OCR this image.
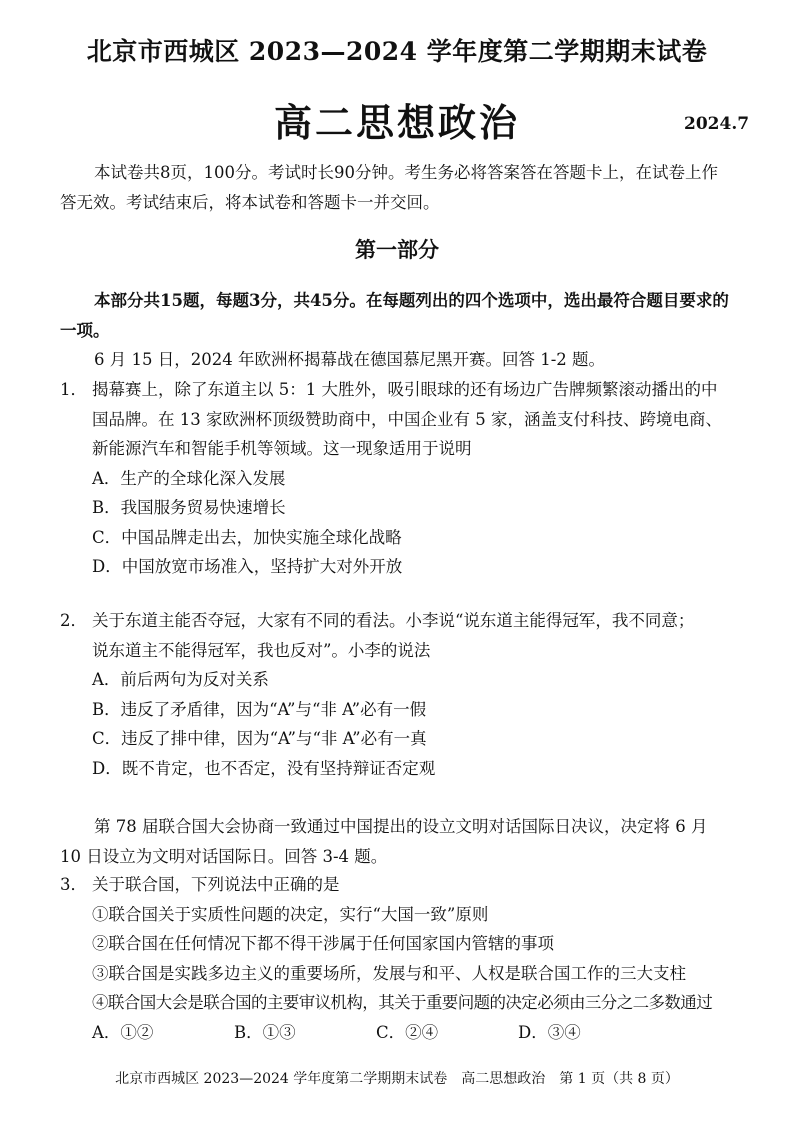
北京市西城区 2023—2024 学年度第二学期期末试卷
高二思想政治	2024.7
本试卷共8页，100分。考试时长90分钟。考生务必将答案答在答题卡上，在试卷上作
答无效。考试结束后，将本试卷和答题卡一并交回。
第一部分
本部分共15题，每题3分，共45分。在每题列出的四个选项中，选出最符合题目要求的
一项。
6 月 15 日，2024 年欧洲杯揭幕战在德国慕尼黑开赛。回答 1-2 题。
1． 揭幕赛上，除了东道主以 5：1 大胜外，吸引眼球的还有场边广告牌频繁滚动播出的中
国品牌。在 13 家欧洲杯顶级赞助商中，中国企业有 5 家，涵盖支付科技、跨境电商、
新能源汽车和智能手机等领域。这一现象适用于说明
A．生产的全球化深入发展
B．我国服务贸易快速增长
C．中国品牌走出去，加快实施全球化战略
D．中国放宽市场准入，坚持扩大对外开放
2． 关于东道主能否夺冠，大家有不同的看法。小李说“说东道主能得冠军，我不同意；
说东道主不能得冠军，我也反对”。小李的说法
A．前后两句为反对关系
B．违反了矛盾律，因为“A”与“非 A”必有一假
C．违反了排中律，因为“A”与“非 A”必有一真
D．既不肯定，也不否定，没有坚持辩证否定观
第 78 届联合国大会协商一致通过中国提出的设立文明对话国际日决议，决定将 6 月
10 日设立为文明对话国际日。回答 3-4 题。
3． 关于联合国，下列说法中正确的是
①联合国关于实质性问题的决定，实行“大国一致”原则
②联合国在任何情况下都不得干涉属于任何国家国内管辖的事项
③联合国是实践多边主义的重要场所，发展与和平、人权是联合国工作的三大支柱
④联合国大会是联合国的主要审议机构，其关于重要问题的决定必须由三分之二多数通过
A．①②	B．①③	C．②④	D．③④
北京市西城区 2023—2024 学年度第二学期期末试卷　高二思想政治　第 1 页（共 8 页）
